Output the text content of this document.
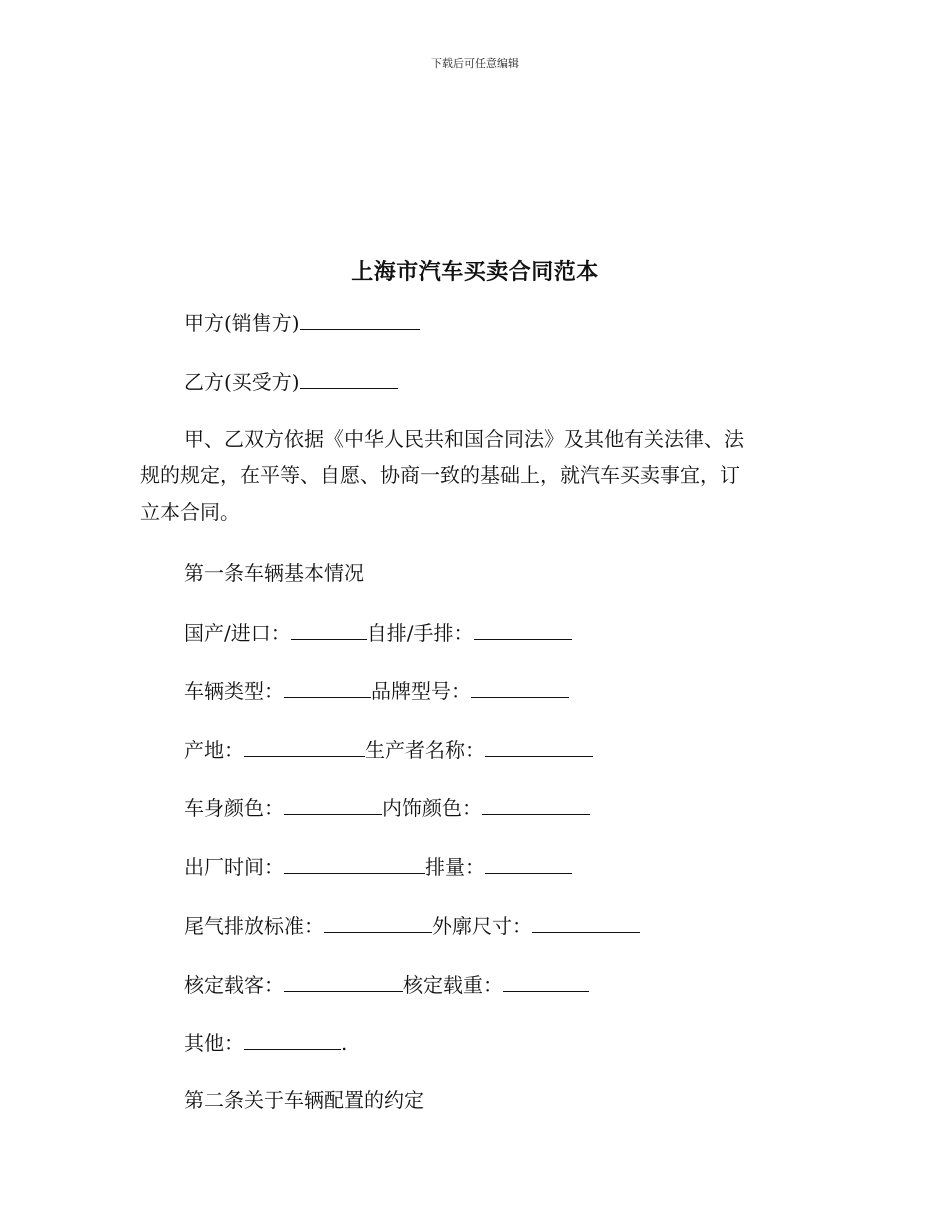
下载后可任意编辑
上海市汽车买卖合同范本
甲方(销售方)
乙方(买受方)
甲、乙双方依据《中华人民共和国合同法》及其他有关法律、法
规的规定，在平等、自愿、协商一致的基础上，就汽车买卖事宜，订
立本合同。
第一条车辆基本情况
国产/进口：	自排/手排：
车辆类型：	品牌型号：
产地：	生产者名称：
车身颜色：	内饰颜色：
出厂时间：	排量：
尾气排放标准：	外廓尺寸：
核定载客：	核定载重：
其他：	.
第二条关于车辆配置的约定
